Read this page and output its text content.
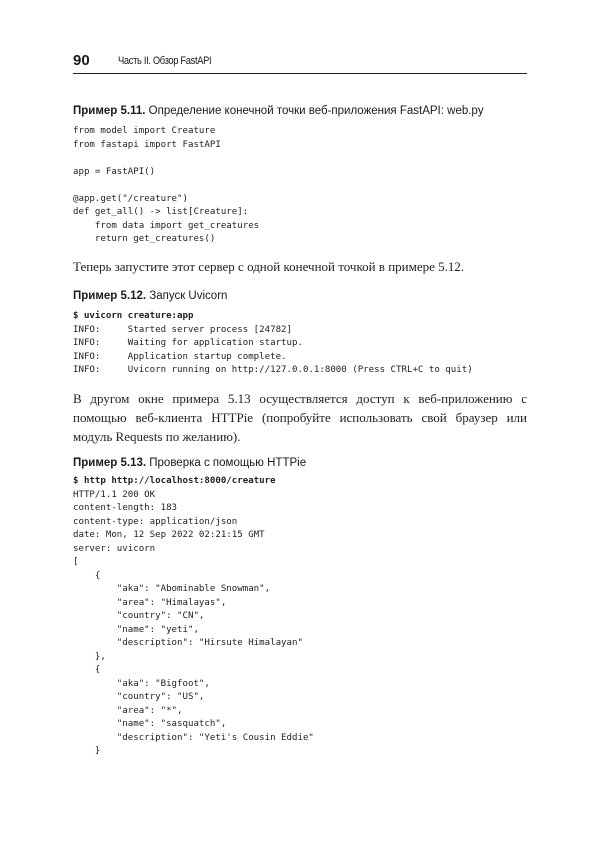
90	Часть II. Обзор FastAPI
Пример 5.11. Определение конечной точки веб-приложения FastAPI: web.py
from model import Creature
from fastapi import FastAPI

app = FastAPI()

@app.get("/creature")
def get_all() -> list[Creature]:
from data import get_creatures
return get_creatures()
Теперь запустите этот сервер с одной конечной точкой в примере 5.12.
Пример 5.12. Запуск Uvicorn
$ uvicorn creature:app
INFO:     Started server process [24782]
INFO:     Waiting for application startup.
INFO:     Application startup complete.
INFO:     Uvicorn running on http://127.0.0.1:8000 (Press CTRL+C to quit)
В другом окне примера 5.13 осуществляется доступ к веб-приложению с помощью веб-клиента HTTPie (попробуйте использовать свой браузер или модуль Requests по желанию).
Пример 5.13. Проверка с помощью HTTPie
$ http http://localhost:8000/creature
HTTP/1.1 200 OK
content-length: 183
content-type: application/json
date: Mon, 12 Sep 2022 02:21:15 GMT
server: uvicorn
[
{
"aka": "Abominable Snowman",
"area": "Himalayas",
"country": "CN",
"name": "yeti",
"description": "Hirsute Himalayan"
},
{
"aka": "Bigfoot",
"country": "US",
"area": "*",
"name": "sasquatch",
"description": "Yeti's Cousin Eddie"
}
